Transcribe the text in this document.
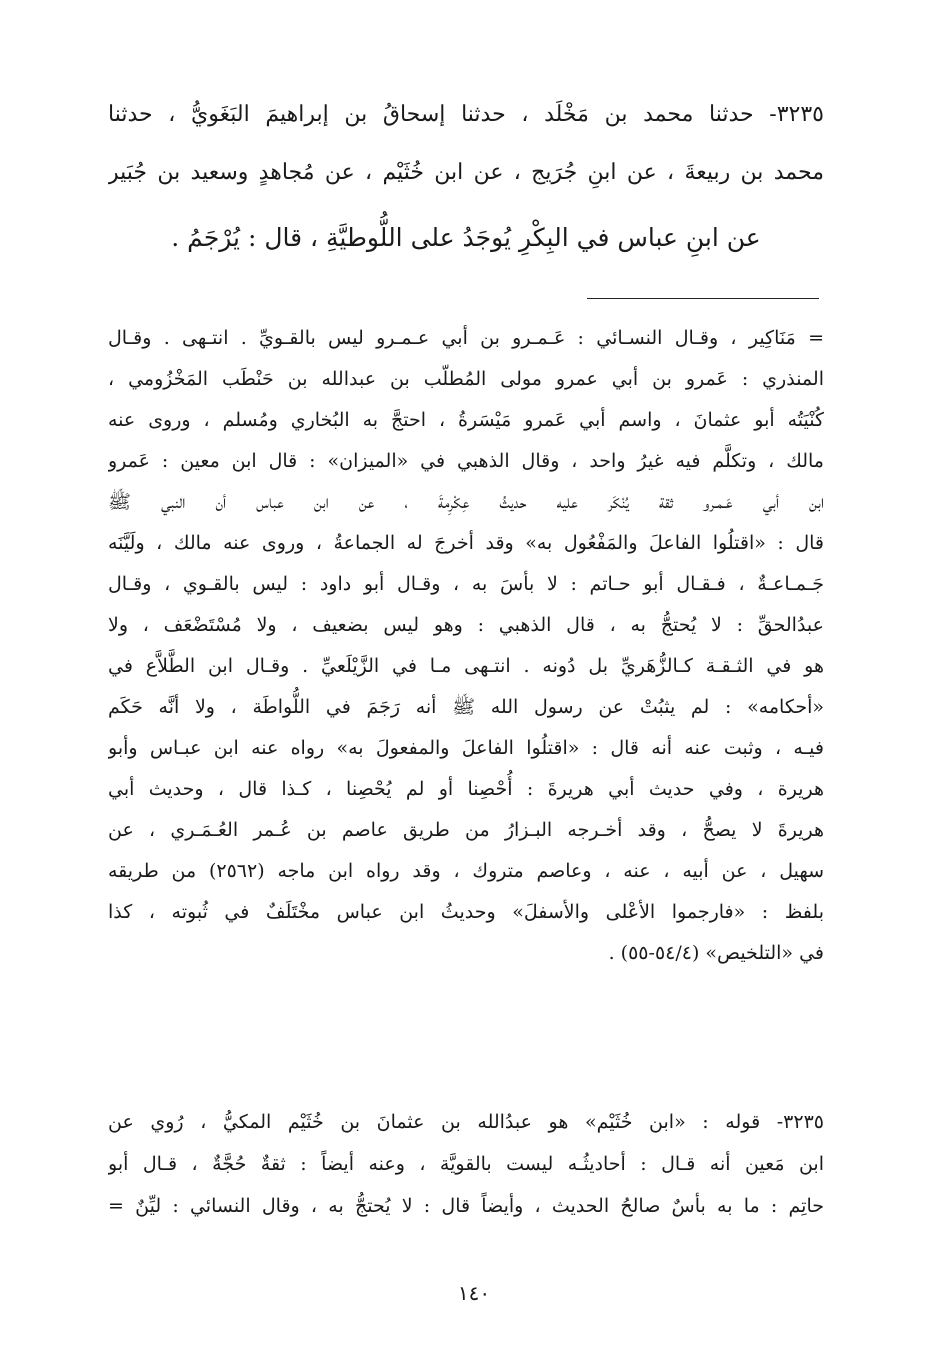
٣٢٣٥- حدثنا محمد بن مَخْلَد ، حدثنا إسحاقُ بن إبراهيمَ البَغَويُّ ، حدثنا
محمد بن ربيعةَ ، عن ابنِ جُرَيج ، عن ابن خُثَيْم ، عن مُجاهدٍ وسعيد بن جُبَير
عن ابنِ عباس في البِكْرِ يُوجَدُ على اللُّوطيَّةِ ، قال : يُرْجَمُ .
= مَنَاكِير ، وقـال النسـائي : عَـمـرو بن أبي عـمـرو ليس بالقـويِّ . انتـهى . وقـال
المنذري : عَمرو بن أبي عمرو مولى المُطلّب بن عبدالله بن حَنْطَب المَخْزُومي ،
كُنْيَتُه أبو عثمانَ ، واسم أبي عَمرو مَيْسَرةُ ، احتجَّ به البُخاري ومُسلم ، وروى عنه
مالك ، وتكلَّم فيه غيرُ واحد ، وقال الذهبي في «الميزان» : قال ابن معين : عَمرو
ابن أبي عَـمـرو ثقة يُنْكَر عليه حديثُ عِكْرِمةَ ، عن ابن عباس أن النبي ﷺ
قال : «اقتلُوا الفاعلَ والمَفْعُول به» وقد أخرجَ له الجماعةُ ، وروى عنه مالك ، ولَيَّنَه
جَـمـاعـةٌ ، فـقـال أبو حـاتم : لا بأسَ به ، وقـال أبو داود : ليس بالقـوي ، وقـال
عبدُالحقِّ : لا يُحتجُّ به ، قال الذهبي : وهو ليس بضعيف ، ولا مُسْتَضْعَف ، ولا
هو في الثـقـة كـالزُّهَريِّ بل دُونه . انتـهى مـا في الزَّيْلَعيِّ . وقـال ابن الطَّلاَّع في
«أحكامه» : لم يثبُتْ عن رسول الله ﷺ أنه رَجَمَ في اللُّواطَة ، ولا أنَّه حَكَم
فيـه ، وثبت عنه أنه قال : «اقتلُوا الفاعلَ والمفعولَ به» رواه عنه ابن عبـاس وأبو
هريرة ، وفي حديث أبي هريرةَ : أُحْصِنا أو لم يُحْصِنا ، كـذا قال ، وحديث أبي
هريرةَ لا يصحُّ ، وقد أخـرجه البـزارُ من طريق عاصم بن عُـمر العُـمَـري ، عن
سهيل ، عن أبيه ، عنه ، وعاصم متروك ، وقد رواه ابن ماجه (٢٥٦٢) من طريقه
بلفظ : «فارجموا الأعْلى والأسفلَ» وحديثُ ابن عباس مخْتَلَفٌ في ثُبوته ، كذا
في «التلخيص» (٥٤/٤-٥٥) .
٣٢٣٥- قوله : «ابن خُثَيْم» هو عبدُالله بن عثمانَ بن خُثَيْم المكيُّ ، رُوي عن
ابن مَعين أنه قـال : أحاديثُـه ليست بالقويَّة ، وعنه أيضاً : ثقةٌ حُجَّةٌ ، قـال أبو
حاتِم : ما به بأسٌ صالحُ الحديث ، وأيضاً قال : لا يُحتجُّ به ، وقال النسائي : ليِّنٌ =
١٤٠
